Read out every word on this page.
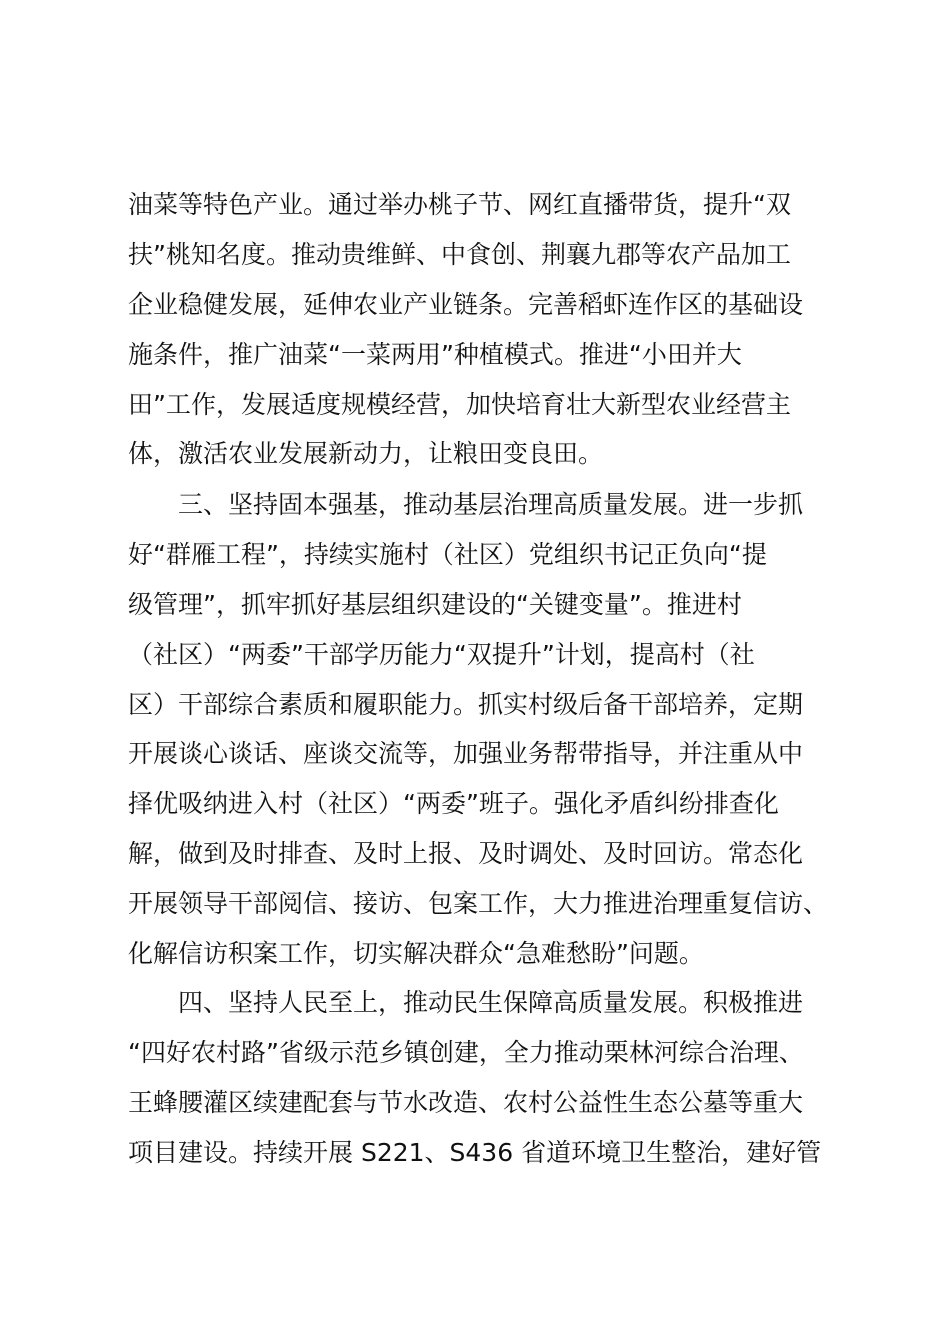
油菜等特色产业。通过举办桃子节、网红直播带货，提升“双
扶”桃知名度。推动贵维鲜、中食创、荆襄九郡等农产品加工
企业稳健发展，延伸农业产业链条。完善稻虾连作区的基础设
施条件，推广油菜“一菜两用”种植模式。推进“小田并大
田”工作，发展适度规模经营，加快培育壮大新型农业经营主
体，激活农业发展新动力，让粮田变良田。
三、坚持固本强基，推动基层治理高质量发展。进一步抓
好“群雁工程”，持续实施村（社区）党组织书记正负向“提
级管理”，抓牢抓好基层组织建设的“关键变量”。推进村
（社区）“两委”干部学历能力“双提升”计划，提高村（社
区）干部综合素质和履职能力。抓实村级后备干部培养，定期
开展谈心谈话、座谈交流等，加强业务帮带指导，并注重从中
择优吸纳进入村（社区）“两委”班子。强化矛盾纠纷排查化
解，做到及时排查、及时上报、及时调处、及时回访。常态化
开展领导干部阅信、接访、包案工作，大力推进治理重复信访、
化解信访积案工作，切实解决群众“急难愁盼”问题。
四、坚持人民至上，推动民生保障高质量发展。积极推进
“四好农村路”省级示范乡镇创建，全力推动栗林河综合治理、
王蜂腰灌区续建配套与节水改造、农村公益性生态公墓等重大
项目建设。持续开展 S221、S436 省道环境卫生整治，建好管
